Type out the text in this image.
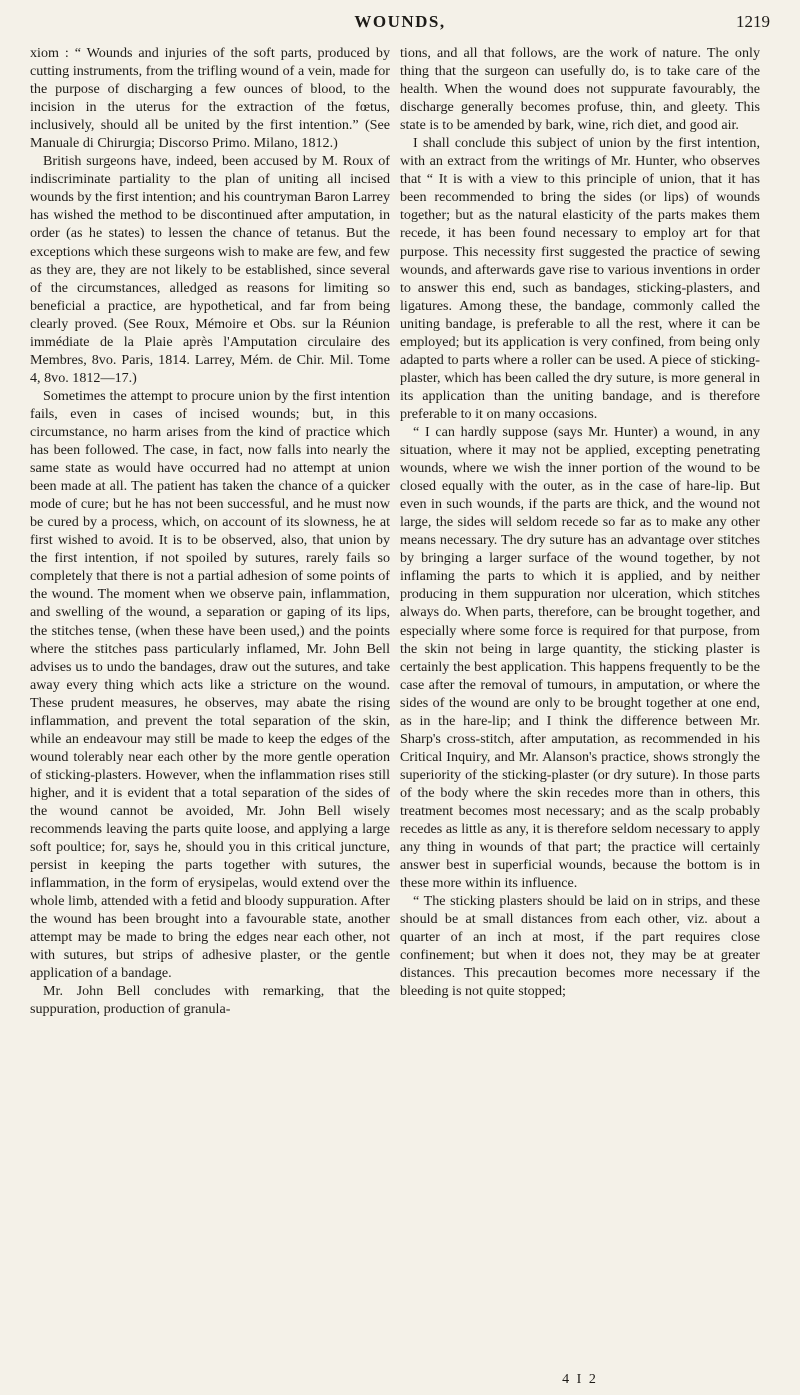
WOUNDS,	1219

xiom : “ Wounds and injuries of the soft parts, produced by cutting instruments, from the trifling wound of a vein, made for the purpose of discharging a few ounces of blood, to the incision in the uterus for the extraction of the fœtus, inclusively, should all be united by the first intention.” (See Manuale di Chirurgia; Discorso Primo. Milano, 1812.)

British surgeons have, indeed, been accused by M. Roux of indiscriminate partiality to the plan of uniting all incised wounds by the first intention; and his countryman Baron Larrey has wished the method to be discontinued after amputation, in order (as he states) to lessen the chance of tetanus. But the exceptions which these surgeons wish to make are few, and few as they are, they are not likely to be established, since several of the circumstances, alledged as reasons for limiting so beneficial a practice, are hypothetical, and far from being clearly proved. (See Roux, Mémoire et Obs. sur la Réunion immédiate de la Plaie après l'Amputation circulaire des Membres, 8vo. Paris, 1814. Larrey, Mém. de Chir. Mil. Tome 4, 8vo. 1812—17.)

Sometimes the attempt to procure union by the first intention fails, even in cases of incised wounds; but, in this circumstance, no harm arises from the kind of practice which has been followed. The case, in fact, now falls into nearly the same state as would have occurred had no attempt at union been made at all. The patient has taken the chance of a quicker mode of cure; but he has not been successful, and he must now be cured by a process, which, on account of its slowness, he at first wished to avoid. It is to be observed, also, that union by the first intention, if not spoiled by sutures, rarely fails so completely that there is not a partial adhesion of some points of the wound. The moment when we observe pain, inflammation, and swelling of the wound, a separation or gaping of its lips, the stitches tense, (when these have been used,) and the points where the stitches pass particularly inflamed, Mr. John Bell advises us to undo the bandages, draw out the sutures, and take away every thing which acts like a stricture on the wound. These prudent measures, he observes, may abate the rising inflammation, and prevent the total separation of the skin, while an endeavour may still be made to keep the edges of the wound tolerably near each other by the more gentle operation of sticking-plasters. However, when the inflammation rises still higher, and it is evident that a total separation of the sides of the wound cannot be avoided, Mr. John Bell wisely recommends leaving the parts quite loose, and applying a large soft poultice; for, says he, should you in this critical juncture, persist in keeping the parts together with sutures, the inflammation, in the form of erysipelas, would extend over the whole limb, attended with a fetid and bloody suppuration. After the wound has been brought into a favourable state, another attempt may be made to bring the edges near each other, not with sutures, but strips of adhesive plaster, or the gentle application of a bandage.

Mr. John Bell concludes with remarking, that the suppuration, production of granula-

tions, and all that follows, are the work of nature. The only thing that the surgeon can usefully do, is to take care of the health. When the wound does not suppurate favourably, the discharge generally becomes profuse, thin, and gleety. This state is to be amended by bark, wine, rich diet, and good air.

I shall conclude this subject of union by the first intention, with an extract from the writings of Mr. Hunter, who observes that “ It is with a view to this principle of union, that it has been recommended to bring the sides (or lips) of wounds together; but as the natural elasticity of the parts makes them recede, it has been found necessary to employ art for that purpose. This necessity first suggested the practice of sewing wounds, and afterwards gave rise to various inventions in order to answer this end, such as bandages, sticking-plasters, and ligatures. Among these, the bandage, commonly called the uniting bandage, is preferable to all the rest, where it can be employed; but its application is very confined, from being only adapted to parts where a roller can be used. A piece of sticking-plaster, which has been called the dry suture, is more general in its application than the uniting bandage, and is therefore preferable to it on many occasions.

“ I can hardly suppose (says Mr. Hunter) a wound, in any situation, where it may not be applied, excepting penetrating wounds, where we wish the inner portion of the wound to be closed equally with the outer, as in the case of hare-lip. But even in such wounds, if the parts are thick, and the wound not large, the sides will seldom recede so far as to make any other means necessary. The dry suture has an advantage over stitches by bringing a larger surface of the wound together, by not inflaming the parts to which it is applied, and by neither producing in them suppuration nor ulceration, which stitches always do. When parts, therefore, can be brought together, and especially where some force is required for that purpose, from the skin not being in large quantity, the sticking plaster is certainly the best application. This happens frequently to be the case after the removal of tumours, in amputation, or where the sides of the wound are only to be brought together at one end, as in the hare-lip; and I think the difference between Mr. Sharp's cross-stitch, after amputation, as recommended in his Critical Inquiry, and Mr. Alanson's practice, shows strongly the superiority of the sticking-plaster (or dry suture). In those parts of the body where the skin recedes more than in others, this treatment becomes most necessary; and as the scalp probably recedes as little as any, it is therefore seldom necessary to apply any thing in wounds of that part; the practice will certainly answer best in superficial wounds, because the bottom is in these more within its influence.

“ The sticking plasters should be laid on in strips, and these should be at small distances from each other, viz. about a quarter of an inch at most, if the part requires close confinement; but when it does not, they may be at greater distances. This precaution becomes more necessary if the bleeding is not quite stopped;

4 I 2
